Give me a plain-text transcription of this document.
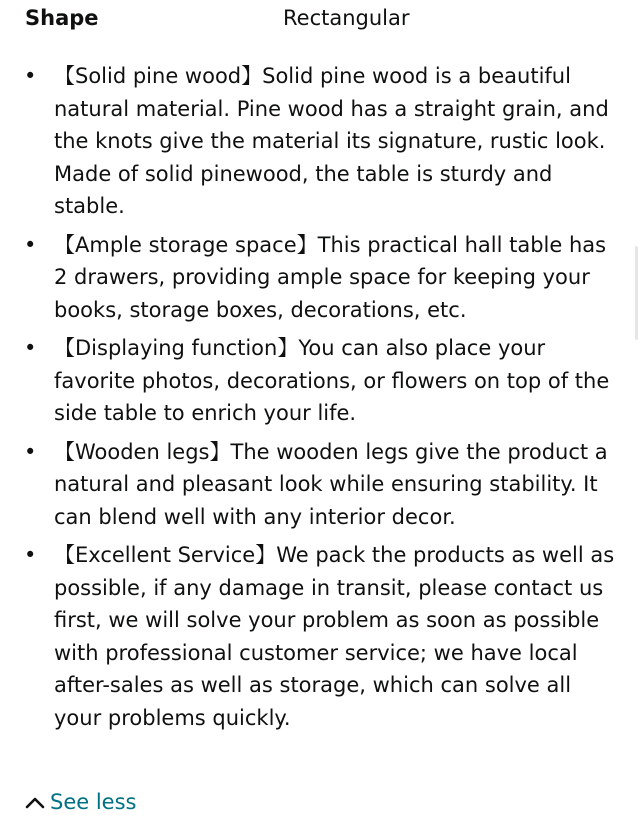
Shape	Rectangular
• 【Solid pine wood】Solid pine wood is a beautiful natural material. Pine wood has a straight grain, and the knots give the material its signature, rustic look. Made of solid pinewood, the table is sturdy and stable.
• 【Ample storage space】This practical hall table has 2 drawers, providing ample space for keeping your books, storage boxes, decorations, etc.
• 【Displaying function】You can also place your favorite photos, decorations, or flowers on top of the side table to enrich your life.
• 【Wooden legs】The wooden legs give the product a natural and pleasant look while ensuring stability. It can blend well with any interior decor.
• 【Excellent Service】We pack the products as well as possible, if any damage in transit, please contact us first, we will solve your problem as soon as possible with professional customer service; we have local after-sales as well as storage, which can solve all your problems quickly.
See less
